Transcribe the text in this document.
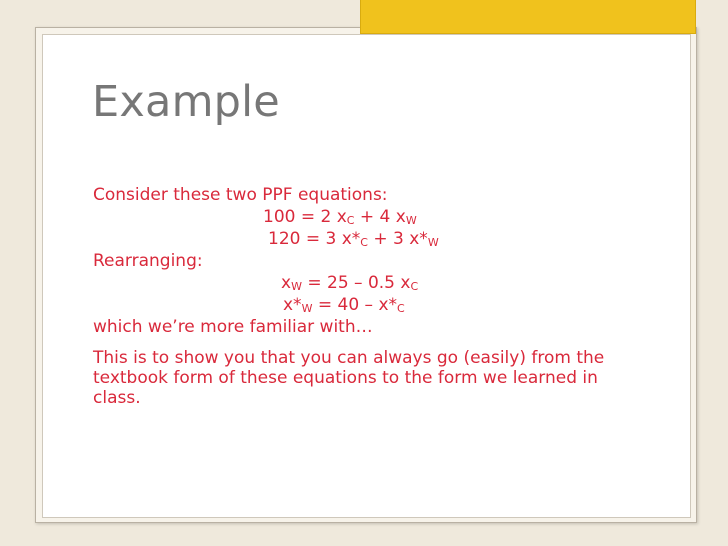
Example
Consider these two PPF equations:
100 = 2 $x_C + 4$ $x_W$
120 = 3 $x*_C + 3$ $x*_W$
Rearranging:
$x_W = 25 - 0.5$ $x_C$
$x*_W = 40 - x*_C$
which we’re more familiar with…
This is to show you that you can always go (easily) from the textbook form of these equations to the form we learned in class.
